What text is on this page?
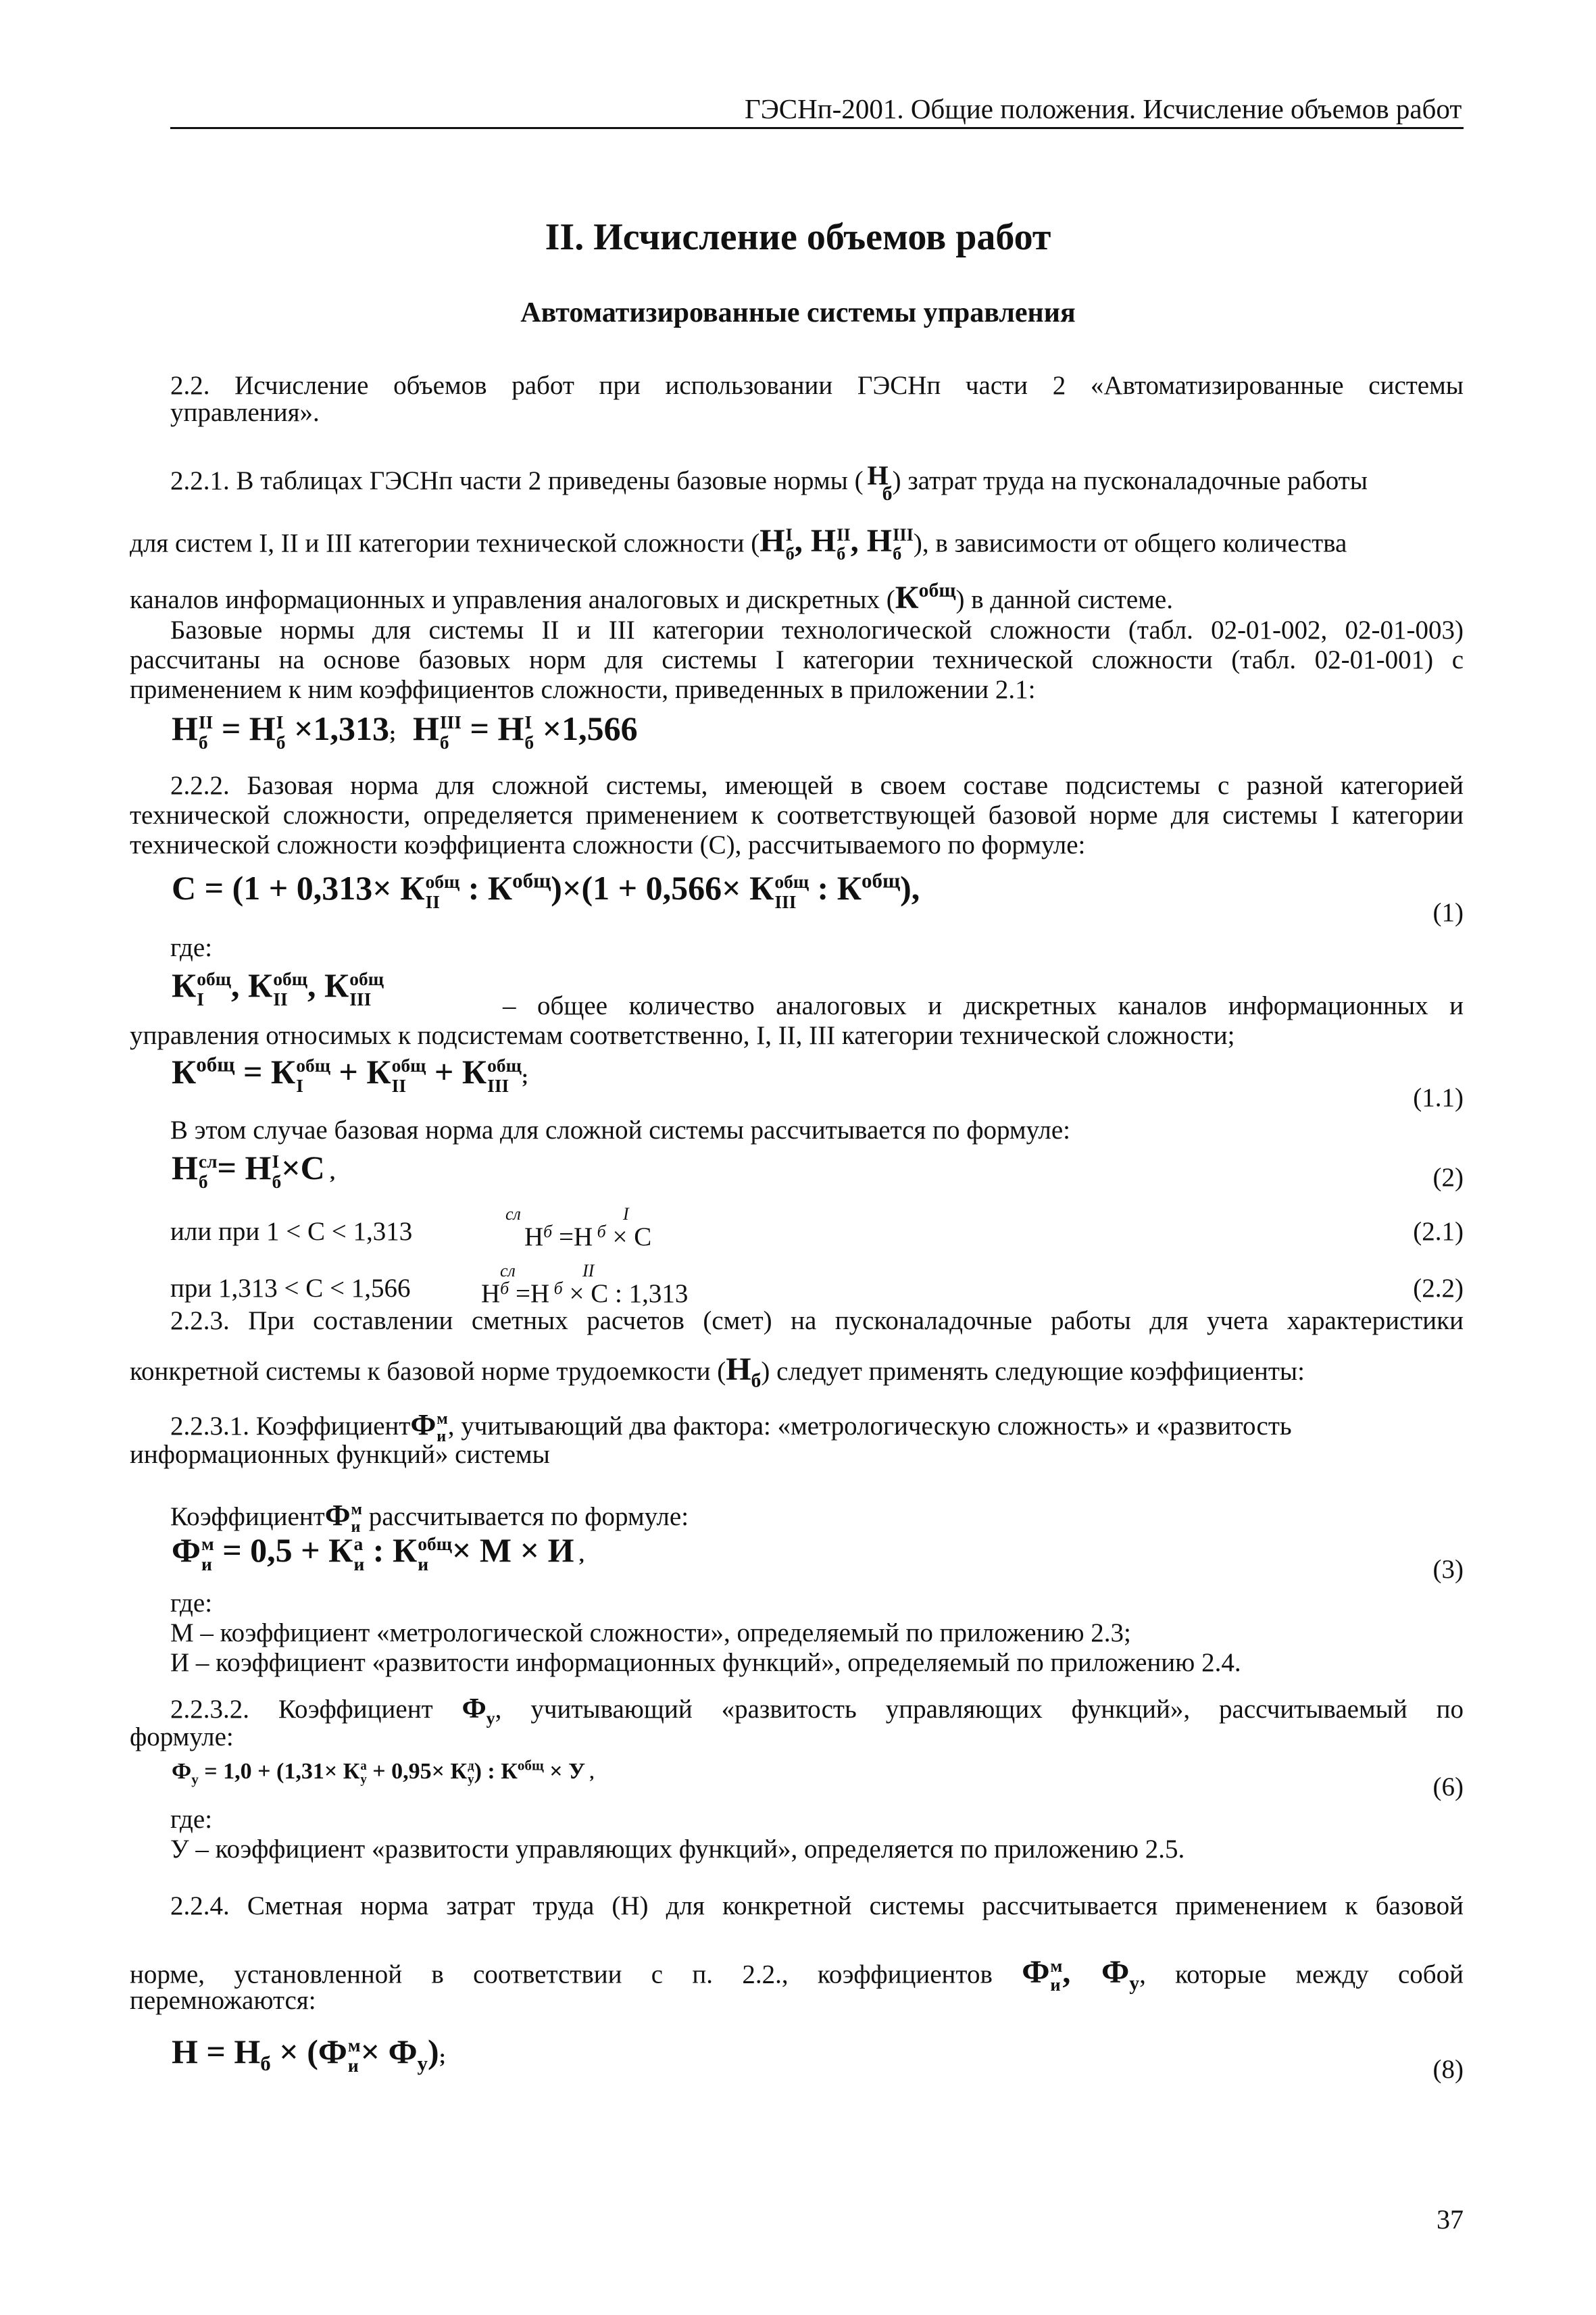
ГЭСНп-2001. Общие положения. Исчисление объемов работ
II. Исчисление объемов работ
Автоматизированные системы управления
2.2. Исчисление объемов работ при использовании ГЭСНп части 2 «Автоматизированные системы
управления».
2.2.1. В таблицах ГЭСНп части 2 приведены базовые нормы ( Н
б ) затрат труда на пусконаладочные работы
для систем I, II и III категории технической сложности (Н I
б , Н II
б , Н III
б ), в зависимости от общего количества
каналов информационных и управления аналоговых и дискретных $(К^{общ})$ в данной системе.
Базовые нормы для системы II и III категории технологической сложности (табл. 02-01-002, 02-01-003)
рассчитаны на основе базовых норм для системы I категории технической сложности (табл. 02-01-001) с
применением к ним коэффициентов сложности, приведенных в приложении 2.1:
Н II
б = Н I
б ×1,313;  Н III
б = Н I
б ×1,566
2.2.2. Базовая норма для сложной системы, имеющей в своем составе подсистемы с разной категорией
технической сложности, определяется применением к соответствующей базовой норме для системы I категории
технической сложности коэффициента сложности (С), рассчитываемого по формуле:
С = (1 + 0,313× К общ
II : $К^{общ})\times(1 + 0,566\times К$ общ
III : $К^{общ}$),
(1)
где:
К общ
I , К общ
II , К общ
III	– общее количество аналоговых и дискретных каналов информационных и
управления относимых к подсистемам соответственно, I, II, III категории технической сложности;
$К^{общ} = К$ общ
I + К общ
II + К общ
III ;
(1.1)
В этом случае базовая норма для сложной системы рассчитывается по формуле:
Н сл
б = Н I
б ×С ,	(2)
или при 1 < С < 1,313
сл	I
$Н^б =Н$ $^б$ × С	(2.1)
при 1,313 < С < 1,566
сл	II
$Н^б =Н$ $^б$ × С : 1,313	(2.2)
2.2.3. При составлении сметных расчетов (смет) на пусконаладочные работы для учета характеристики
конкретной системы к базовой норме трудоемкости $(Н_б)$ следует применять следующие коэффициенты:
2.2.3.1. КоэффициентФ м
и , учитывающий два фактора: «метрологическую сложность» и «развитость
информационных функций» системы
КоэффициентФ м
и рассчитывается по формуле:
Ф м
и = 0,5 + К а
и : К общ
и × М × И ,	(3)
где:
М – коэффициент «метрологической сложности», определяемый по приложению 2.3;
И – коэффициент «развитости информационных функций», определяемый по приложению 2.4.
2.2.3.2. Коэффициент $Ф_у$, учитывающий «развитость управляющих функций», рассчитываемый по
формуле:
$Ф_у = 1,0 + (1,31\times К$ а
у + 0,95× К д
у ) : $К^{общ} \times У$ ,	(6)
где:
У – коэффициент «развитости управляющих функций», определяется по приложению 2.5.
2.2.4. Сметная норма затрат труда (Н) для конкретной системы рассчитывается применением к базовой
норме, установленной в соответствии с п. 2.2., коэффициентов Ф м
и , $Ф_у$, которые между собой
перемножаются:
$Н = Н_б \times (Ф$ м
$и \times Ф_у$);	(8)
37
